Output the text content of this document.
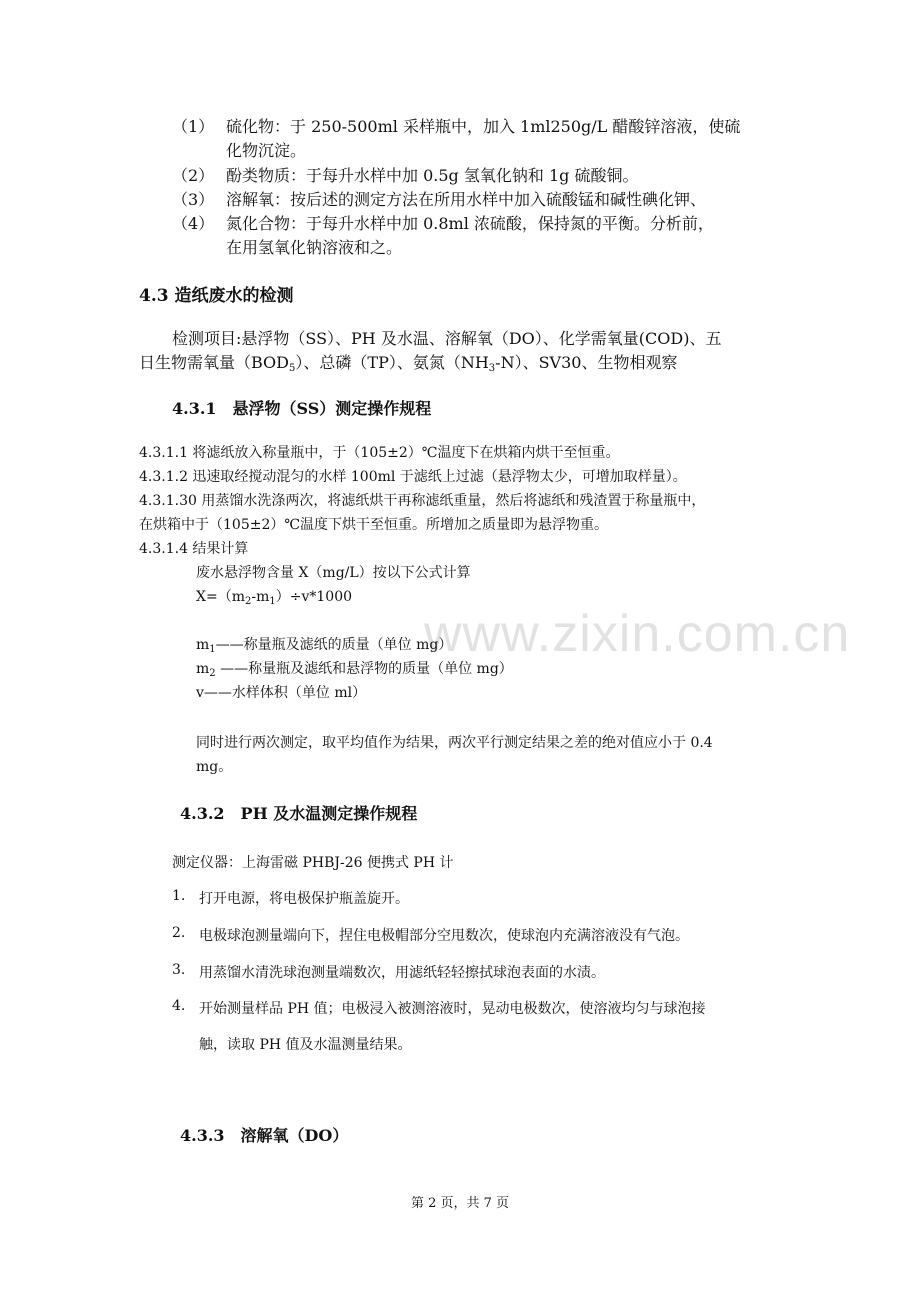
www.zixin.com.cn
（1） 硫化物：于 250-500ml 采样瓶中，加入 1ml250g/L 醋酸锌溶液，使硫
化物沉淀。
（2） 酚类物质：于每升水样中加 0.5g 氢氧化钠和 1g 硫酸铜。
（3） 溶解氧：按后述的测定方法在所用水样中加入硫酸锰和碱性碘化钾、
（4） 氮化合物：于每升水样中加 0.8ml 浓硫酸，保持氮的平衡。分析前，
在用氢氧化钠溶液和之。
4.3 造纸废水的检测
检测项目:悬浮物（SS）、PH 及水温、溶解氧（DO）、化学需氧量(COD)、五
日生物需氧量$(BOD_5)$、总磷（TP）、氨氮$(NH_3-N)$、SV30、生物相观察
4.3.1　悬浮物（SS）测定操作规程
4.3.1.1 将滤纸放入称量瓶中，于（105±2）℃温度下在烘箱内烘干至恒重。
4.3.1.2 迅速取经搅动混匀的水样 100ml 于滤纸上过滤（悬浮物太少，可增加取样量）。
4.3.1.30 用蒸馏水洗涤两次，将滤纸烘干再称滤纸重量，然后将滤纸和残渣置于称量瓶中，
在烘箱中于（105±2）℃温度下烘干至恒重。所增加之质量即为悬浮物重。
4.3.1.4 结果计算
废水悬浮物含量 X（mg/L）按以下公式计算
$X=(m_2-m_1)\div v*1000$
$m_1——$称量瓶及滤纸的质量（单位 mg）
$m_2$ ——称量瓶及滤纸和悬浮物的质量（单位 mg）
v——水样体积（单位 ml）
同时进行两次测定，取平均值作为结果，两次平行测定结果之差的绝对值应小于 0.4
mg。
4.3.2　PH 及水温测定操作规程
测定仪器：上海雷磁 PHBJ-26 便携式 PH 计
1. 打开电源，将电极保护瓶盖旋开。
2. 电极球泡测量端向下，捏住电极帽部分空甩数次，使球泡内充满溶液没有气泡。
3. 用蒸馏水清洗球泡测量端数次，用滤纸轻轻擦拭球泡表面的水渍。
4. 开始测量样品 PH 值；电极浸入被测溶液时，晃动电极数次，使溶液均匀与球泡接
触，读取 PH 值及水温测量结果。
4.3.3　溶解氧（DO）
第 2 页，共 7 页
